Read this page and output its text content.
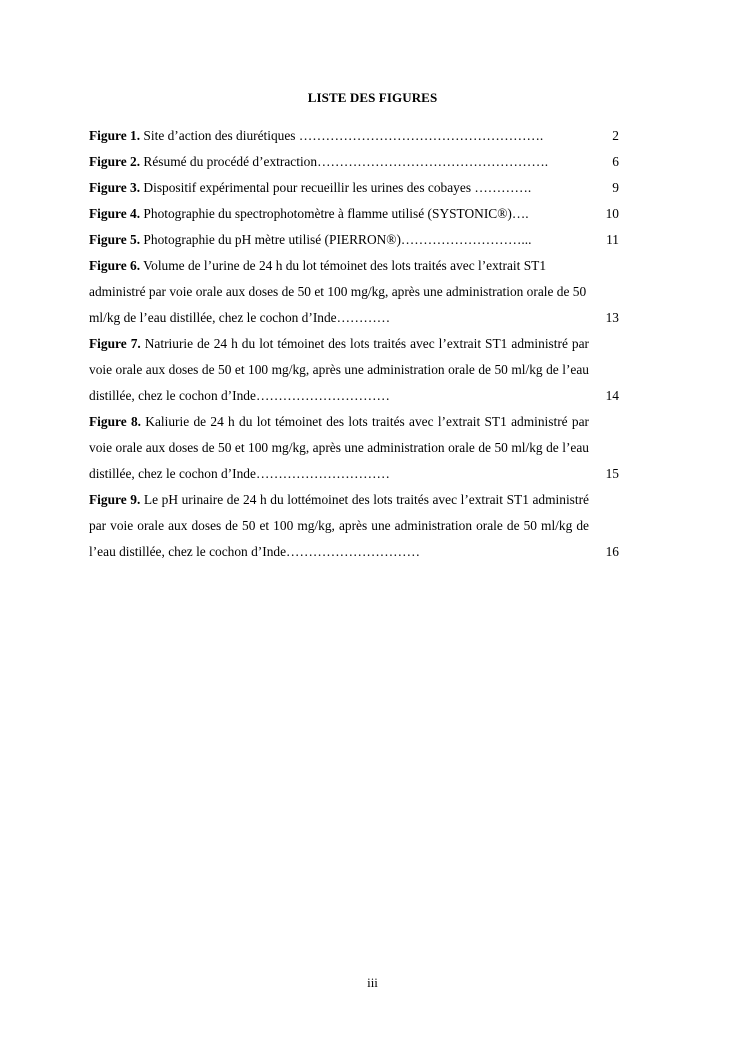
LISTE DES FIGURES
Figure 1. Site d’action des diurétiques ……………………………………………….	2
Figure 2. Résumé du procédé d’extraction…………………………………………….	6
Figure 3. Dispositif expérimental pour recueillir les urines des cobayes ………….	9
Figure 4. Photographie du spectrophotomètre à flamme utilisé (SYSTONIC®)….	10
Figure 5. Photographie du pH mètre utilisé (PIERRON®)………………………...	11
Figure 6. Volume de l’urine de 24 h du lot témoinet des lots traités avec l’extrait ST1 administré par voie orale aux doses de 50 et 100 mg/kg, après une administration orale de 50 ml/kg de l’eau distillée, chez le cochon d’Inde…………	13
Figure 7. Natriurie de 24 h du lot témoinet des lots traités avec l’extrait ST1 administré par voie orale aux doses de 50 et 100 mg/kg, après une administration orale de 50 ml/kg de l’eau distillée, chez le cochon d’Inde…………………………	14
Figure 8. Kaliurie de 24 h du lot témoinet des lots traités avec l’extrait ST1 administré par voie orale aux doses de 50 et 100 mg/kg, après une administration orale de 50 ml/kg de l’eau distillée, chez le cochon d’Inde…………………………	15
Figure 9. Le pH urinaire de 24 h du lottémoinet des lots traités avec l’extrait ST1 administré par voie orale aux doses de 50 et 100 mg/kg, après une administration orale de 50 ml/kg de l’eau distillée, chez le cochon d’Inde…………………………	16
iii
